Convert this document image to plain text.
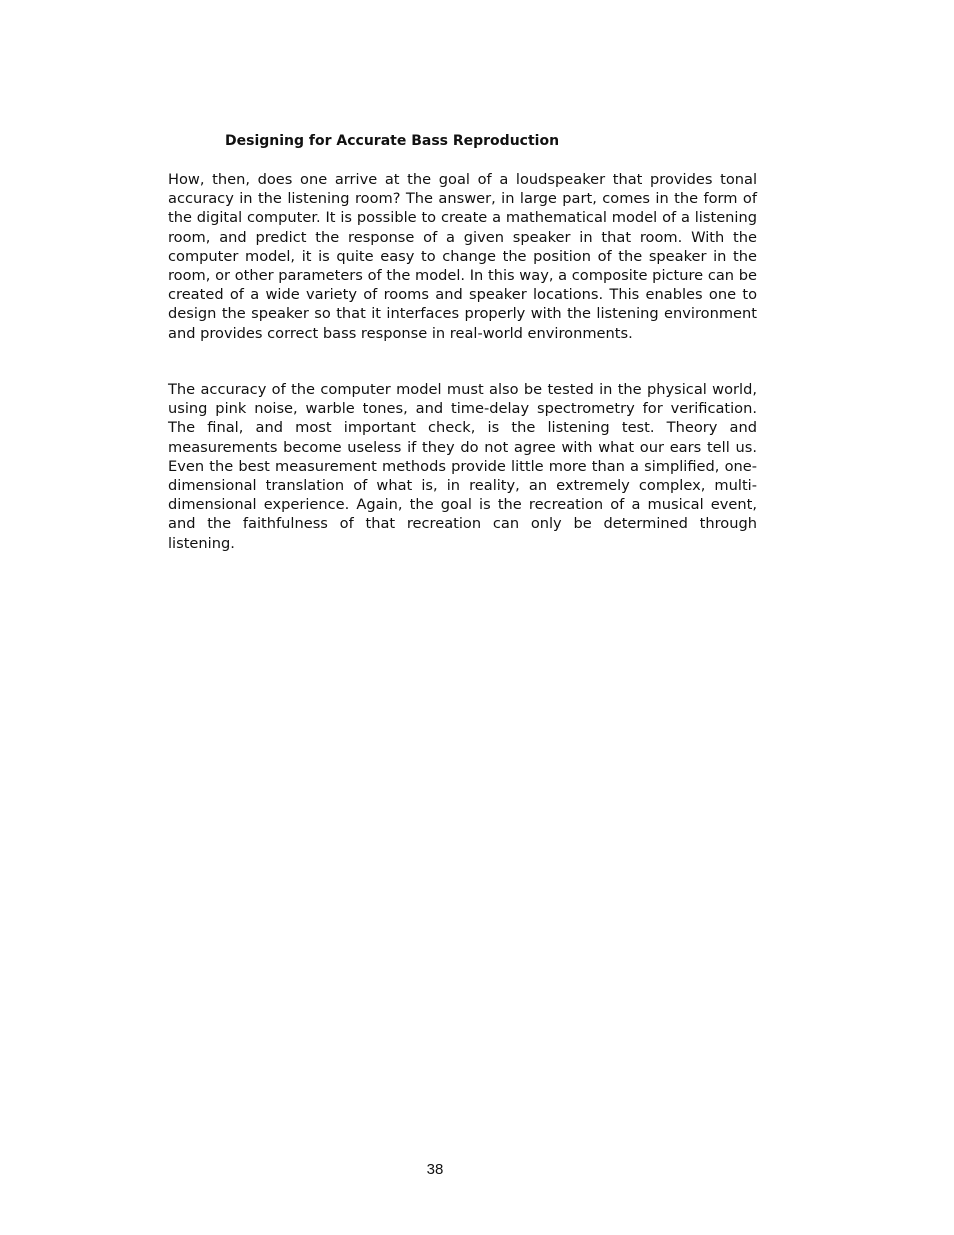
Designing for Accurate Bass Reproduction

How, then, does one arrive at the goal of a loudspeaker that provides tonal accuracy in the listening room? The answer, in large part, comes in the form of the digital computer. It is possible to create a mathematical model of a listening room, and predict the response of a given speaker in that room. With the computer model, it is quite easy to change the position of the speaker in the room, or other parameters of the model. In this way, a composite picture can be created of a wide variety of rooms and speaker locations. This enables one to design the speaker so that it interfaces properly with the listening environment and provides correct bass response in real-world environments.

The accuracy of the computer model must also be tested in the physical world, using pink noise, warble tones, and time-delay spectrometry for verification. The final, and most important check, is the listening test. Theory and measurements become useless if they do not agree with what our ears tell us. Even the best measurement methods provide little more than a simplified, one-dimensional translation of what is, in reality, an extremely complex, multi-dimensional experience. Again, the goal is the recreation of a musical event, and the faithfulness of that recreation can only be determined through listening.

38
